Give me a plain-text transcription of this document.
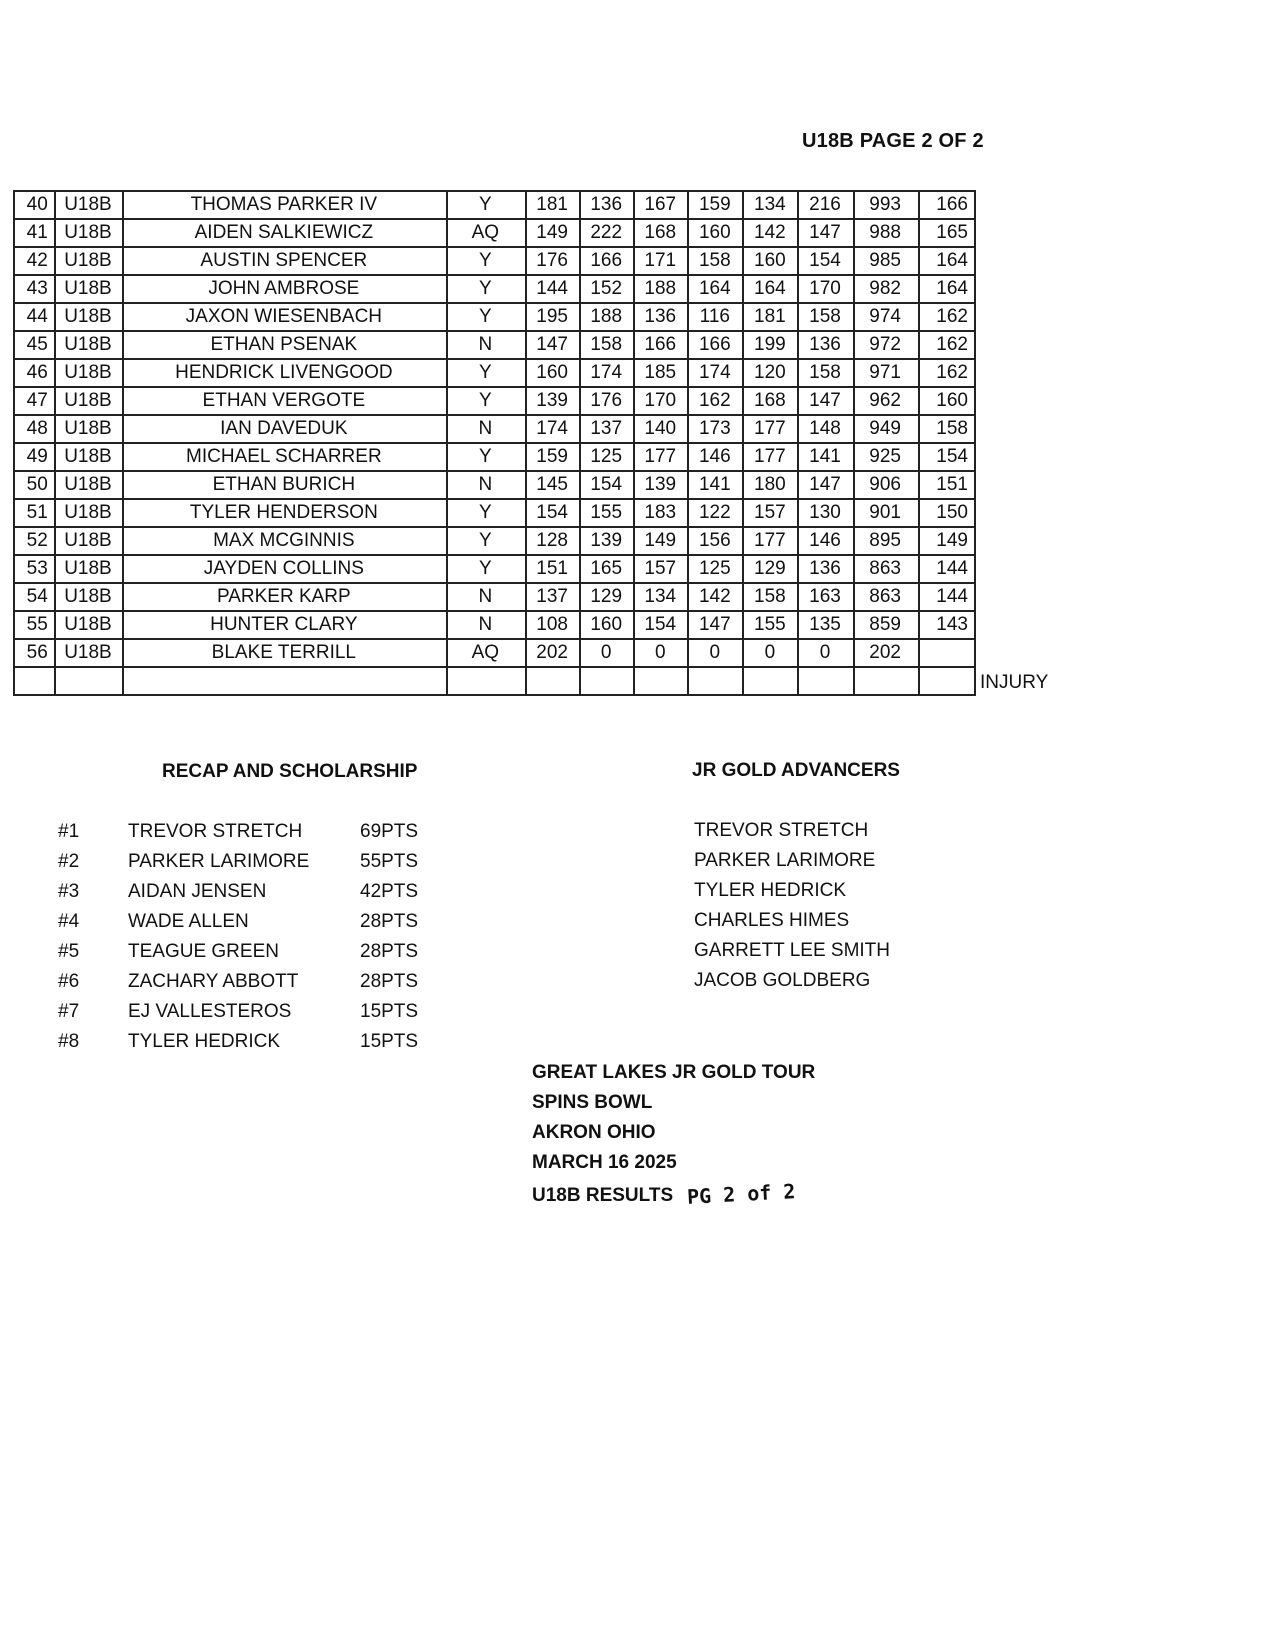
U18B PAGE 2 OF 2
40	U18B	THOMAS PARKER IV	Y	181	136	167	159	134	216	993	166
41	U18B	AIDEN SALKIEWICZ	AQ	149	222	168	160	142	147	988	165
42	U18B	AUSTIN SPENCER	Y	176	166	171	158	160	154	985	164
43	U18B	JOHN AMBROSE	Y	144	152	188	164	164	170	982	164
44	U18B	JAXON WIESENBACH	Y	195	188	136	116	181	158	974	162
45	U18B	ETHAN PSENAK	N	147	158	166	166	199	136	972	162
46	U18B	HENDRICK LIVENGOOD	Y	160	174	185	174	120	158	971	162
47	U18B	ETHAN VERGOTE	Y	139	176	170	162	168	147	962	160
48	U18B	IAN DAVEDUK	N	174	137	140	173	177	148	949	158
49	U18B	MICHAEL SCHARRER	Y	159	125	177	146	177	141	925	154
50	U18B	ETHAN BURICH	N	145	154	139	141	180	147	906	151
51	U18B	TYLER HENDERSON	Y	154	155	183	122	157	130	901	150
52	U18B	MAX MCGINNIS	Y	128	139	149	156	177	146	895	149
53	U18B	JAYDEN COLLINS	Y	151	165	157	125	129	136	863	144
54	U18B	PARKER KARP	N	137	129	134	142	158	163	863	144
55	U18B	HUNTER CLARY	N	108	160	154	147	155	135	859	143
56	U18B	BLAKE TERRILL	AQ	202	0	0	0	0	0	202	

INJURY
RECAP AND SCHOLARSHIP
#1	TREVOR STRETCH	69PTS
#2	PARKER LARIMORE	55PTS
#3	AIDAN JENSEN	42PTS
#4	WADE ALLEN	28PTS
#5	TEAGUE GREEN	28PTS
#6	ZACHARY ABBOTT	28PTS
#7	EJ VALLESTEROS	15PTS
#8	TYLER HEDRICK	15PTS
JR GOLD ADVANCERS
TREVOR STRETCH
PARKER LARIMORE
TYLER HEDRICK
CHARLES HIMES
GARRETT LEE SMITH
JACOB GOLDBERG
GREAT LAKES JR GOLD TOUR
SPINS BOWL
AKRON OHIO
MARCH 16 2025
U18B RESULTS PG 2 of 2
